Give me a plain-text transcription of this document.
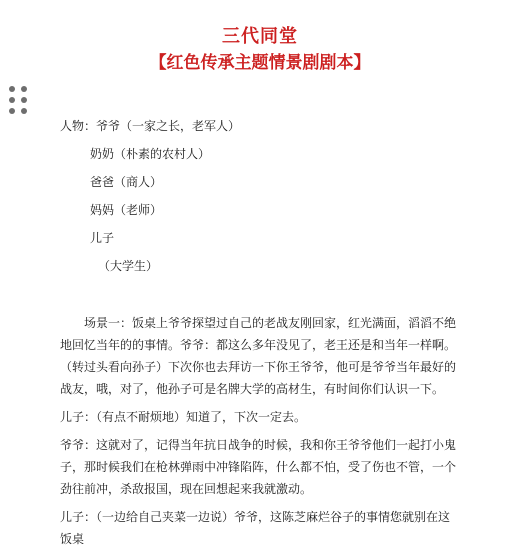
三代同堂
【红色传承主题情景剧剧本】
人物：爷爷（一家之长，老军人）
奶奶（朴素的农村人）
爸爸（商人）
妈妈（老师）
儿子
（大学生）

场景一：饭桌上爷爷探望过自己的老战友刚回家，红光满面，滔滔不绝地回忆当年的的事情。爷爷：都这么多年没见了，老王还是和当年一样啊。（转过头看向孙子）下次你也去拜访一下你王爷爷，他可是爷爷当年最好的战友，哦，对了，他孙子可是名牌大学的高材生，有时间你们认识一下。

儿子：（有点不耐烦地）知道了，下次一定去。

爷爷：这就对了，记得当年抗日战争的时候，我和你王爷爷他们一起打小鬼子，那时候我们在枪林弹雨中冲锋陷阵，什么都不怕，受了伤也不管，一个劲往前冲，杀敌报国，现在回想起来我就激动。

儿子：（一边给自己夹菜一边说）爷爷，这陈芝麻烂谷子的事情您就别在这饭桌
